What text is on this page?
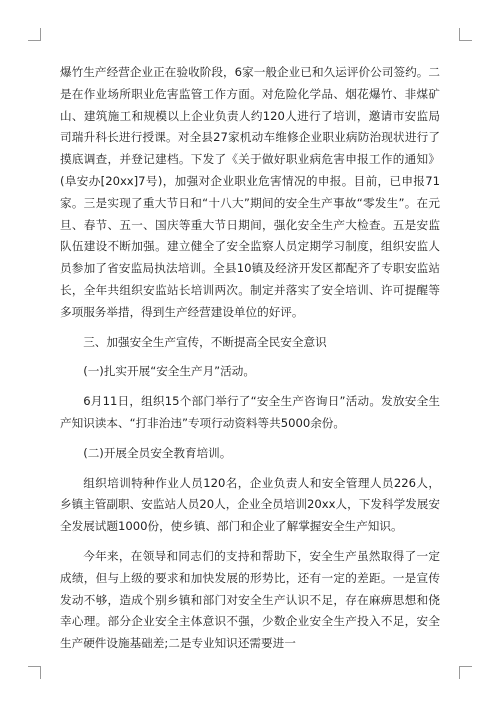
爆竹生产经营企业正在验收阶段，6家一般企业已和久运评价公司签约。二是在作业场所职业危害监管工作方面。对危险化学品、烟花爆竹、非煤矿山、建筑施工和规模以上企业负责人约120人进行了培训，邀请市安监局司瑞升科长进行授课。对全县27家机动车维修企业职业病防治现状进行了摸底调查，并登记建档。下发了《关于做好职业病危害申报工作的通知》(阜安办[20xx]7号)，加强对企业职业危害情况的申报。目前，已申报71家。三是实现了重大节日和“十八大”期间的安全生产事故“零发生”。在元旦、春节、五一、国庆等重大节日期间，强化安全生产大检查。五是安监队伍建设不断加强。建立健全了安全监察人员定期学习制度，组织安监人员参加了省安监局执法培训。全县10镇及经济开发区都配齐了专职安监站长，全年共组织安监站长培训两次。制定并落实了安全培训、许可提醒等多项服务举措，得到生产经营建设单位的好评。

三、加强安全生产宣传，不断提高全民安全意识

(一)扎实开展“安全生产月”活动。

6月11日，组织15个部门举行了“安全生产咨询日”活动。发放安全生产知识读本、“打非治违”专项行动资料等共5000余份。

(二)开展全员安全教育培训。

组织培训特种作业人员120名，企业负责人和安全管理人员226人，乡镇主管副职、安监站人员20人，企业全员培训20xx人，下发科学发展安全发展试题1000份，使乡镇、部门和企业了解掌握安全生产知识。

今年来，在领导和同志们的支持和帮助下，安全生产虽然取得了一定成绩，但与上级的要求和加快发展的形势比，还有一定的差距。一是宣传发动不够，造成个别乡镇和部门对安全生产认识不足，存在麻痹思想和侥幸心理。部分企业安全主体意识不强，少数企业安全生产投入不足，安全生产硬件设施基础差;二是专业知识还需要进一
